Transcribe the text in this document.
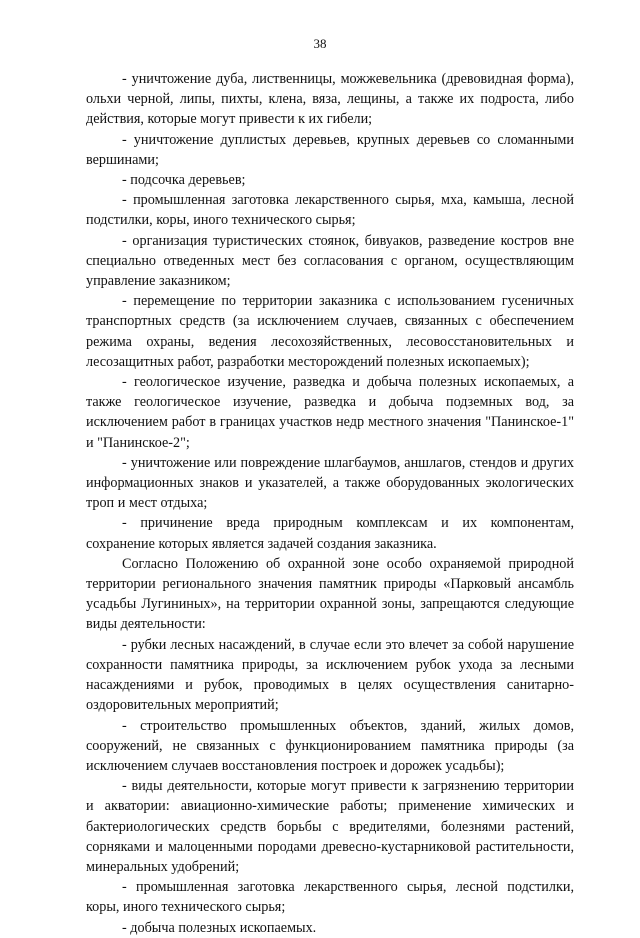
38

- уничтожение дуба, лиственницы, можжевельника (древовидная форма), ольхи черной, липы, пихты, клена, вяза, лещины, а также их подроста, либо действия, которые могут привести к их гибели;

- уничтожение дуплистых деревьев, крупных деревьев со сломанными вершинами;

- подсочка деревьев;

- промышленная заготовка лекарственного сырья, мха, камыша, лесной подстилки, коры, иного технического сырья;

- организация туристических стоянок, бивуаков, разведение костров вне специально отведенных мест без согласования с органом, осуществляющим управление заказником;

- перемещение по территории заказника с использованием гусеничных транспортных средств (за исключением случаев, связанных с обеспечением режима охраны, ведения лесохозяйственных, лесовосстановительных и лесозащитных работ, разработки месторождений полезных ископаемых);

- геологическое изучение, разведка и добыча полезных ископаемых, а также геологическое изучение, разведка и добыча подземных вод, за исключением работ в границах участков недр местного значения "Панинское-1" и "Панинское-2";

- уничтожение или повреждение шлагбаумов, аншлагов, стендов и других информационных знаков и указателей, а также оборудованных экологических троп и мест отдыха;

- причинение вреда природным комплексам и их компонентам, сохранение которых является задачей создания заказника.

Согласно Положению об охранной зоне особо охраняемой природной территории регионального значения памятник природы «Парковый ансамбль усадьбы Лугининых», на территории охранной зоны, запрещаются следующие виды деятельности:

- рубки лесных насаждений, в случае если это влечет за собой нарушение сохранности памятника природы, за исключением рубок ухода за лесными насаждениями и рубок, проводимых в целях осуществления санитарно-оздоровительных мероприятий;

- строительство промышленных объектов, зданий, жилых домов, сооружений, не связанных с функционированием памятника природы (за исключением случаев восстановления построек и дорожек усадьбы);

- виды деятельности, которые могут привести к загрязнению территории и акватории: авиационно-химические работы; применение химических и бактериологических средств борьбы с вредителями, болезнями растений, сорняками и малоценными породами древесно-кустарниковой растительности, минеральных удобрений;

- промышленная заготовка лекарственного сырья, лесной подстилки, коры, иного технического сырья;

- добыча полезных ископаемых.
